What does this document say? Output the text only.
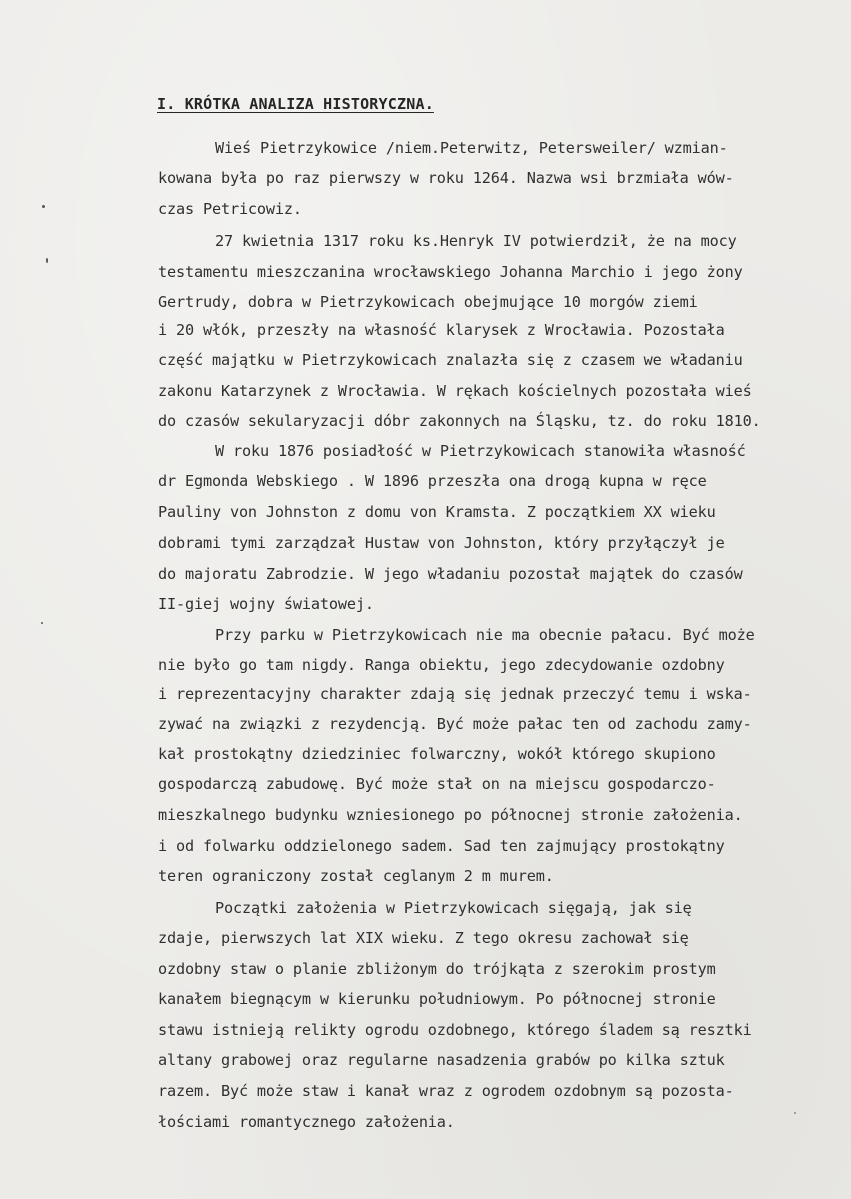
I. KRÓTKA ANALIZA HISTORYCZNA.
Wieś Pietrzykowice /niem.Peterwitz, Petersweiler/ wzmian-
kowana była po raz pierwszy w roku 1264. Nazwa wsi brzmiała wów-
czas Petricowiz.
27 kwietnia 1317 roku ks.Henryk IV potwierdził, że na mocy
testamentu mieszczanina wrocławskiego Johanna Marchio i jego żony
Gertrudy, dobra w Pietrzykowicach obejmujące 10 morgów ziemi
i 20 włók, przeszły na własność klarysek z Wrocławia. Pozostała
część majątku w Pietrzykowicach znalazła się z czasem we władaniu
zakonu Katarzynek z Wrocławia. W rękach kościelnych pozostała wieś
do czasów sekularyzacji dóbr zakonnych na Śląsku, tz. do roku 1810.
W roku 1876 posiadłość w Pietrzykowicach stanowiła własność
dr Egmonda Webskiego . W 1896 przeszła ona drogą kupna w ręce
Pauliny von Johnston z domu von Kramsta. Z początkiem XX wieku
dobrami tymi zarządzał Hustaw von Johnston, który przyłączył je
do majoratu Zabrodzie. W jego władaniu pozostał majątek do czasów
II-giej wojny światowej.
Przy parku w Pietrzykowicach nie ma obecnie pałacu. Być może
nie było go tam nigdy. Ranga obiektu, jego zdecydowanie ozdobny
i reprezentacyjny charakter zdają się jednak przeczyć temu i wska-
zywać na związki z rezydencją. Być może pałac ten od zachodu zamy-
kał prostokątny dziedziniec folwarczny, wokół którego skupiono
gospodarczą zabudowę. Być może stał on na miejscu gospodarczo-
mieszkalnego budynku wzniesionego po północnej stronie założenia.
i od folwarku oddzielonego sadem. Sad ten zajmujący prostokątny
teren ograniczony został ceglanym 2 m murem.
Początki założenia w Pietrzykowicach sięgają, jak się
zdaje, pierwszych lat XIX wieku. Z tego okresu zachował się
ozdobny staw o planie zbliżonym do trójkąta z szerokim prostym
kanałem biegnącym w kierunku południowym. Po północnej stronie
stawu istnieją relikty ogrodu ozdobnego, którego śladem są resztki
altany grabowej oraz regularne nasadzenia grabów po kilka sztuk
razem. Być może staw i kanał wraz z ogrodem ozdobnym są pozosta-
łościami romantycznego założenia.
